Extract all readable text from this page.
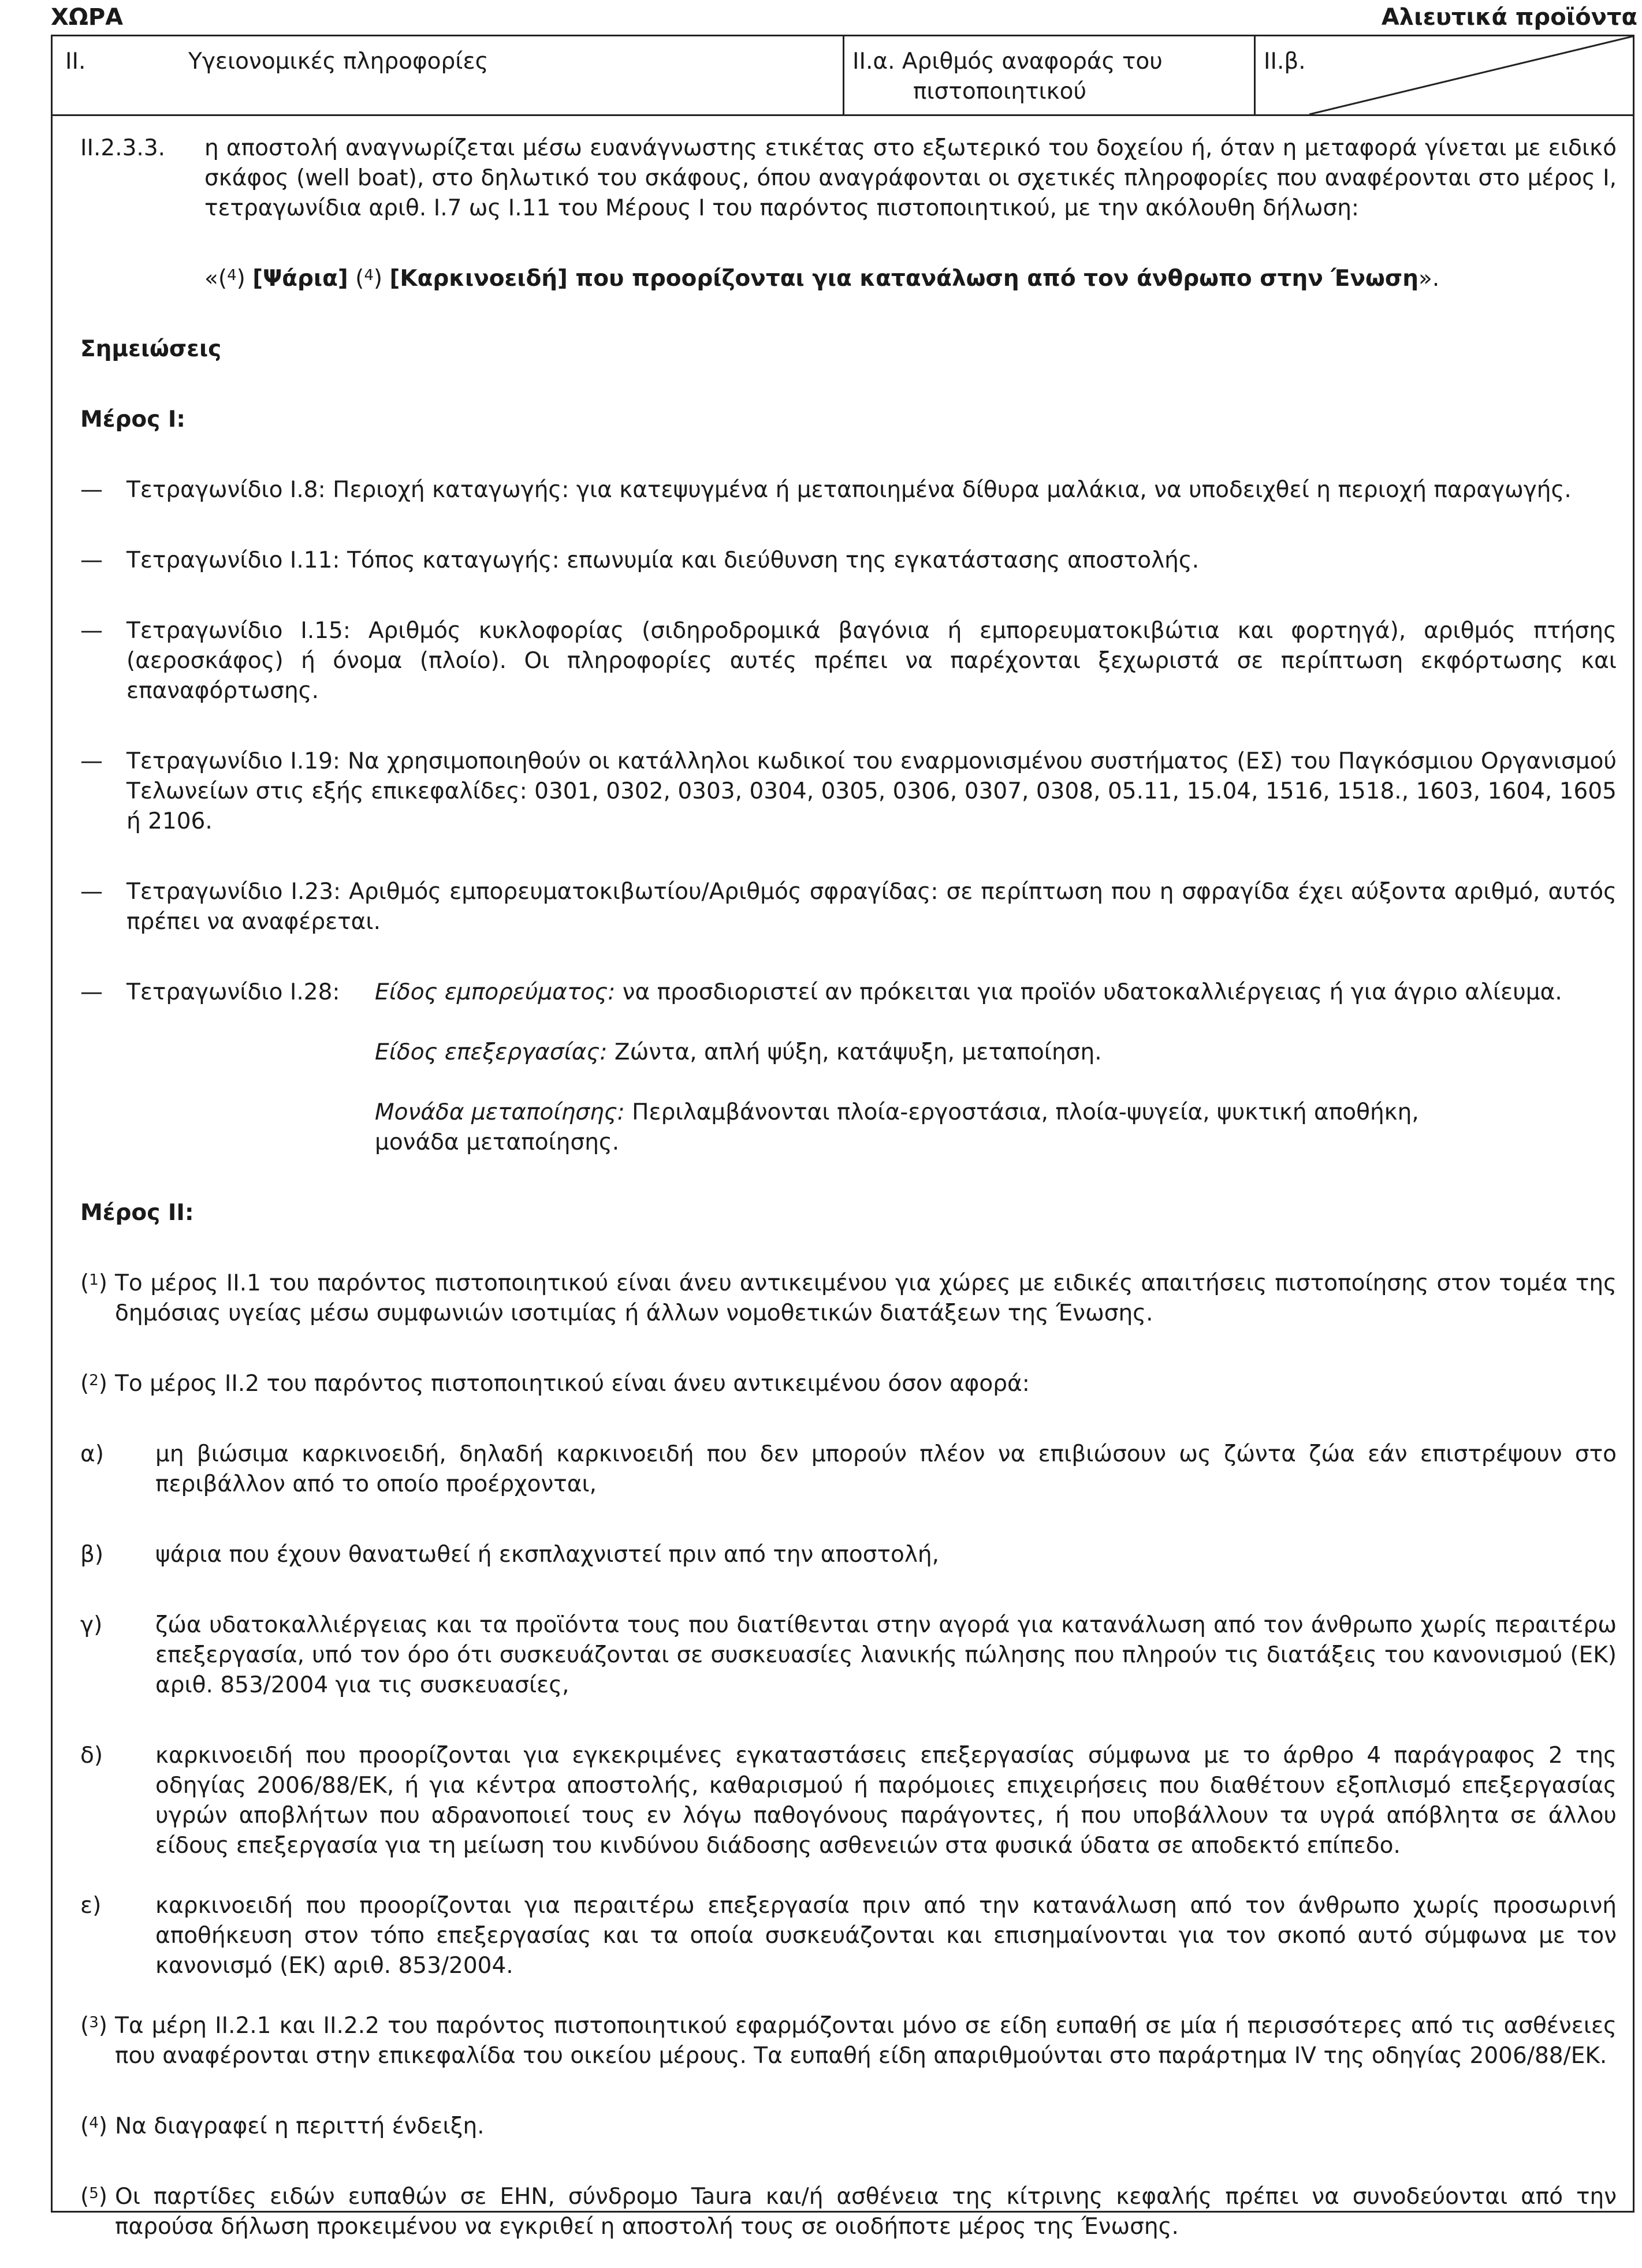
ΧΩΡΑ	Αλιευτικά προϊόντα
II.	Υγειονομικές πληροφορίες	II.α. Αριθμός αναφοράς του
πιστοποιητικού
II.β.
II.2.3.3.	η αποστολή αναγνωρίζεται μέσω ευανάγνωστης ετικέτας στο εξωτερικό του δοχείου ή, όταν η μεταφορά γίνεται με ειδικό σκάφος (well boat), στο δηλωτικό του σκάφους, όπου αναγράφονται οι σχετικές πληροφορίες που αναφέρονται στο μέρος I, τετραγωνίδια αριθ. I.7 ως I.11 του Μέρους I του παρόντος πιστοποιητικού, με την ακόλουθη δήλωση:
«($^4$) [Ψάρια] ($^4$) [Καρκινοειδή] που προορίζονται για κατανάλωση από τον άνθρωπο στην Ένωση».
Σημειώσεις
Μέρος I:
—	Τετραγωνίδιο I.8: Περιοχή καταγωγής: για κατεψυγμένα ή μεταποιημένα δίθυρα μαλάκια, να υποδειχθεί η περιοχή παραγωγής.
—	Τετραγωνίδιο I.11: Τόπος καταγωγής: επωνυμία και διεύθυνση της εγκατάστασης αποστολής.
—	Τετραγωνίδιο I.15: Αριθμός κυκλοφορίας (σιδηροδρομικά βαγόνια ή εμπορευματοκιβώτια και φορτηγά), αριθμός πτήσης (αεροσκάφος) ή όνομα (πλοίο). Οι πληροφορίες αυτές πρέπει να παρέχονται ξεχωριστά σε περίπτωση εκφόρτωσης και επαναφόρτωσης.
—	Τετραγωνίδιο I.19: Να χρησιμοποιηθούν οι κατάλληλοι κωδικοί του εναρμονισμένου συστήματος (ΕΣ) του Παγκόσμιου Οργανισμού Τελωνείων στις εξής επικεφαλίδες: 0301, 0302, 0303, 0304, 0305, 0306, 0307, 0308, 05.11, 15.04, 1516, 1518., 1603, 1604, 1605 ή 2106.
—	Τετραγωνίδιο I.23: Αριθμός εμπορευματοκιβωτίου/Αριθμός σφραγίδας: σε περίπτωση που η σφραγίδα έχει αύξοντα αριθμό, αυτός πρέπει να αναφέρεται.
—	Τετραγωνίδιο I.28:	Είδος εμπορεύματος: να προσδιοριστεί αν πρόκειται για προϊόν υδατοκαλλιέργειας ή για άγριο αλίευμα.
Είδος επεξεργασίας: Ζώντα, απλή ψύξη, κατάψυξη, μεταποίηση.
Μονάδα μεταποίησης: Περιλαμβάνονται πλοία-εργοστάσια, πλοία-ψυγεία, ψυκτική αποθήκη,
μονάδα μεταποίησης.
Μέρος II:
($^1$) Το μέρος II.1 του παρόντος πιστοποιητικού είναι άνευ αντικειμένου για χώρες με ειδικές απαιτήσεις πιστοποίησης στον τομέα της δημόσιας υγείας μέσω συμφωνιών ισοτιμίας ή άλλων νομοθετικών διατάξεων της Ένωσης.
($^2$) Το μέρος II.2 του παρόντος πιστοποιητικού είναι άνευ αντικειμένου όσον αφορά:
α)	μη βιώσιμα καρκινοειδή, δηλαδή καρκινοειδή που δεν μπορούν πλέον να επιβιώσουν ως ζώντα ζώα εάν επιστρέψουν στο περιβάλλον από το οποίο προέρχονται,
β)	ψάρια που έχουν θανατωθεί ή εκσπλαχνιστεί πριν από την αποστολή,
γ)	ζώα υδατοκαλλιέργειας και τα προϊόντα τους που διατίθενται στην αγορά για κατανάλωση από τον άνθρωπο χωρίς περαιτέρω επεξεργασία, υπό τον όρο ότι συσκευάζονται σε συσκευασίες λιανικής πώλησης που πληρούν τις διατάξεις του κανονισμού (ΕΚ) αριθ. 853/2004 για τις συσκευασίες,
δ)	καρκινοειδή που προορίζονται για εγκεκριμένες εγκαταστάσεις επεξεργασίας σύμφωνα με το άρθρο 4 παράγραφος 2 της οδηγίας 2006/88/ΕΚ, ή για κέντρα αποστολής, καθαρισμού ή παρόμοιες επιχειρήσεις που διαθέτουν εξοπλισμό επεξεργασίας υγρών αποβλήτων που αδρανοποιεί τους εν λόγω παθογόνους παράγοντες, ή που υποβάλλουν τα υγρά απόβλητα σε άλλου είδους επεξεργασία για τη μείωση του κινδύνου διάδοσης ασθενειών στα φυσικά ύδατα σε αποδεκτό επίπεδο.
ε)	καρκινοειδή που προορίζονται για περαιτέρω επεξεργασία πριν από την κατανάλωση από τον άνθρωπο χωρίς προσωρινή αποθήκευση στον τόπο επεξεργασίας και τα οποία συσκευάζονται και επισημαίνονται για τον σκοπό αυτό σύμφωνα με τον κανονισμό (ΕΚ) αριθ. 853/2004.
($^3$) Τα μέρη II.2.1 και II.2.2 του παρόντος πιστοποιητικού εφαρμόζονται μόνο σε είδη ευπαθή σε μία ή περισσότερες από τις ασθένειες που αναφέρονται στην επικεφαλίδα του οικείου μέρους. Τα ευπαθή είδη απαριθμούνται στο παράρτημα IV της οδηγίας 2006/88/ΕΚ.
($^4$) Να διαγραφεί η περιττή ένδειξη.
($^5$) Οι παρτίδες ειδών ευπαθών σε ΕΗΝ, σύνδρομο Taura και/ή ασθένεια της κίτρινης κεφαλής πρέπει να συνοδεύονται από την παρούσα δήλωση προκειμένου να εγκριθεί η αποστολή τους σε οιοδήποτε μέρος της Ένωσης.
